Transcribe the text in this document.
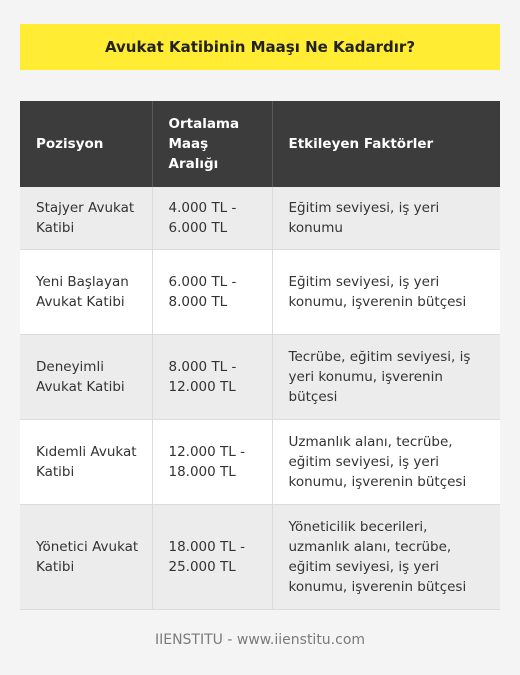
Avukat Katibinin Maaşı Ne Kadardır?
Pozisyon	Ortalama Maaş Aralığı	Etkileyen Faktörler
Stajyer Avukat Katibi	4.000 TL - 6.000 TL	Eğitim seviyesi, iş yeri konumu
Yeni Başlayan Avukat Katibi	6.000 TL - 8.000 TL	Eğitim seviyesi, iş yeri konumu, işverenin bütçesi
Deneyimli Avukat Katibi	8.000 TL - 12.000 TL	Tecrübe, eğitim seviyesi, iş yeri konumu, işverenin bütçesi
Kıdemli Avukat Katibi	12.000 TL - 18.000 TL	Uzmanlık alanı, tecrübe, eğitim seviyesi, iş yeri konumu, işverenin bütçesi
Yönetici Avukat Katibi	18.000 TL - 25.000 TL	Yöneticilik becerileri, uzmanlık alanı, tecrübe, eğitim seviyesi, iş yeri konumu, işverenin bütçesi
IIENSTITU - www.iienstitu.com
